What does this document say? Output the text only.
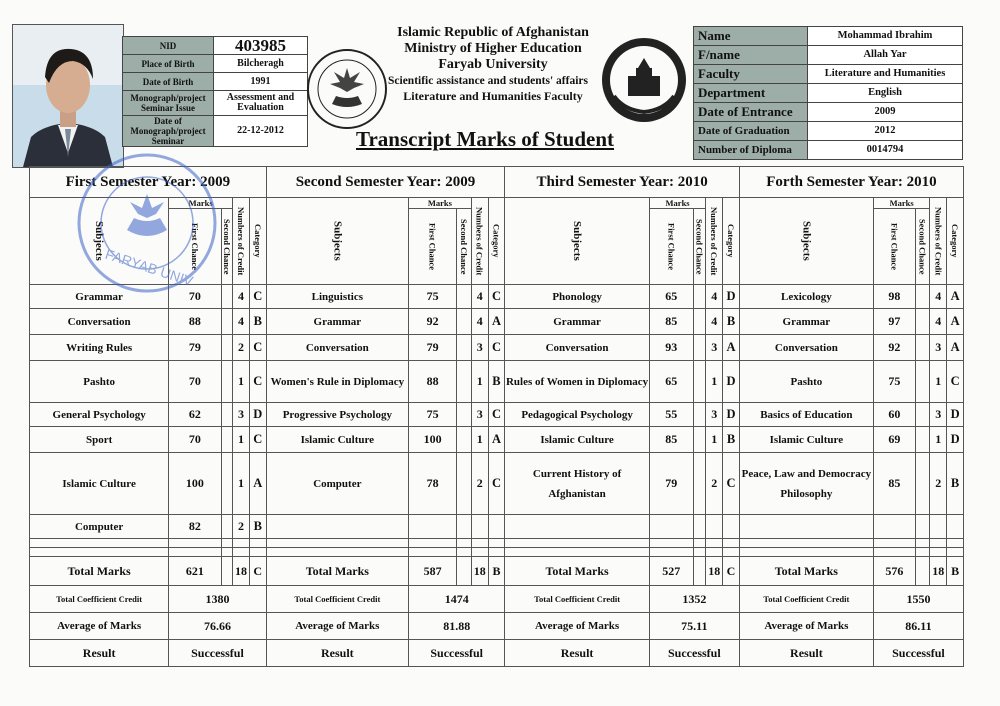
NID	403985
Place of Birth	Bilcheragh
Date of Birth	1991
Monograph/project Seminar Issue	Assessment and Evaluation
Date of Monograph/project Seminar	22-12-2012
Islamic Republic of Afghanistan
Ministry of Higher Education
Faryab University
Scientific assistance and students' affairs
Literature and Humanities Faculty
Transcript Marks of Student
Name	Mohammad Ibrahim
F/name	Allah Yar
Faculty	Literature and Humanities
Department	English
Date of Entrance	2009
Date of Graduation	2012
Number of Diploma	0014794
First Semester Year: 2009					Second Semester Year: 2009					Third Semester Year: 2010					Forth Semester Year: 2010				

Subjects	Marks		Numbers of Credit	Category	Subjects	Marks		Numbers of Credit	Category	Subjects	Marks		Numbers of Credit	Category	Subjects	Marks		Numbers of Credit	Category

	First Chance	Second Chance				First Chance	Second Chance				First Chance	Second Chance				First Chance	Second Chance		

Grammar	70		4	C	Linguistics	75		4	C	Phonology	65		4	D	Lexicology	98		4	A
Conversation	88		4	B	Grammar	92		4	A	Grammar	85		4	B	Grammar	97		4	A
Writing Rules	79		2	C	Conversation	79		3	C	Conversation	93		3	A	Conversation	92		3	A
Pashto	70		1	C	Women's Rule in Diplomacy	88		1	B	Rules of Women in Diplomacy	65		1	D	Pashto	75		1	C
General Psychology	62		3	D	Progressive Psychology	75		3	C	Pedagogical Psychology	55		3	D	Basics of Education	60		3	D
Sport	70		1	C	Islamic Culture	100		1	A	Islamic Culture	85		1	B	Islamic Culture	69		1	D
Islamic Culture	100		1	A	Computer	78		2	C	Current History of Afghanistan	79		2	C	Peace, Law and Democracy Philosophy	85		2	B
Computer	82		2	B															

Total Marks	621		18	C	Total Marks	587		18	B	Total Marks	527		18	C	Total Marks	576		18	B
Total Coefficient Credit	1380				Total Coefficient Credit	1474				Total Coefficient Credit	1352				Total Coefficient Credit	1550			
Average of Marks	76.66				Average of Marks	81.88				Average of Marks	75.11				Average of Marks	86.11			
Result	Successful				Result	Successful				Result	Successful				Result	Successful			
FARYAB UNIV
